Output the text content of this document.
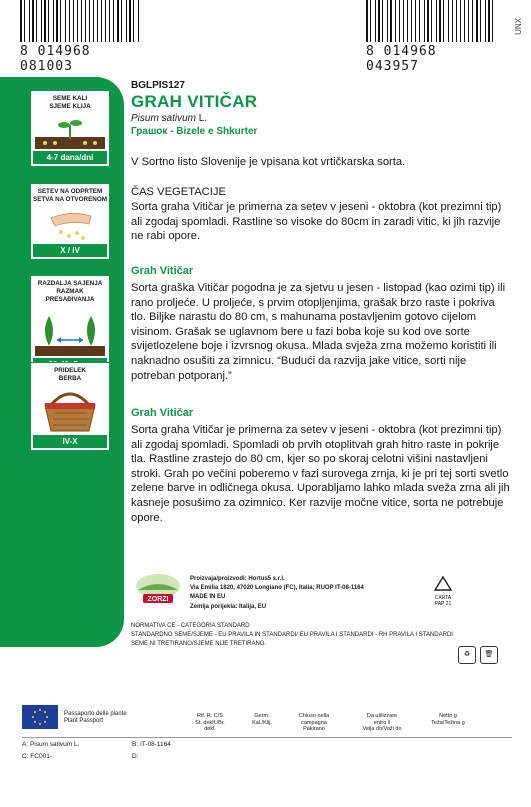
8 014968 081003
8 014968 043957
UNX
SEME KALI
SJEME KLIJA
4-7 dana/dni
SETEV NA ODPRTEM
SETVA NA OTVORENOM
X / IV
RAZDALJA SAJENJA
RAZMAK PRESAĐIVANJA
PRIDELEK
BERBA
IV-X
BGLPIS127
GRAH VITIČAR
Pisum sativum L.
Грашок - Bizele e Shkurter
V Sortno listo Slovenije je vpisana kot vrtičkarska sorta.
ČAS VEGETACIJE
Sorta graha Vitičar je primerna za setev v jeseni - oktobra (kot prezimni tip) ali zgodaj spomladi. Rastline so visoke do 80cm in zaradi vitic, ki jih razvije ne rabi opore.
Grah Vitičar
Sorta graška Vitičar pogodna je za sjetvu u jesen - listopad (kao ozimi tip) ili rano proljeće. U proljeće, s prvim otopljenjima, grašak brzo raste i pokriva tlo. Biljke narastu do 80 cm, s mahunama postavljenim gotovo cijelom visinom. Grašak se uglavnom bere u fazi boba koje su kod ove sorte svijetlozelene boje i izvrsnog okusa. Mlada svježa zrna možemo koristiti ili naknadno osušiti za zimnicu. “Budući da razvija jake vitice, sorti nije potreban potporanj.”
Grah Vitičar
Sorta graha Vitičar je primerna za setev v jeseni - oktobra (kot prezimni tip) ali zgodaj spomladi. Spomladi ob prvih otoplitvah grah hitro raste in pokrije tla. Rastline zrastejo do 80 cm, kjer so po skoraj celotni višini nastavljeni stroki. Grah po večini poberemo v fazi surovega zrnja, ki je pri tej sorti svetlo zelene barve in odličnega okusa. Uporabljamo lahko mlada sveža zrna ali jih kasneje posušimo za ozimnico. Ker razvije močne vitice, sorta ne potrebuje opore.
ZORZI
Proizvaja/proizvodi: Hortus5 s.r.l.
Via Emilia 1820, 47020 Longiano (FC), Italia; RUOP IT-08-1164
MADE IN EU
Zemlja porijekla: Italija, EU
CARTA
PAP 21
NORMATIVA CE - CATEGORIA STANDARD
STANDARDNO SEME/SJEME - EU PRAVILA IN STANDARDI/ EU PRAVILA I STANDARDI - RH PRAVILA I STANDARDI
SEME NI TRETIRANO/SJEME NIJE TRETIRANO.
♻	🗑
Passaporto delle piante
Plant Passport
Rif. R. C/S
St. deklf./Br. dekl.
Germ.
Kal./Klij.
Chiuso nella campagna
Pakirano
Da utilizzare entro il
Velja do/Važi do
Netto g
Teža/Težina g
A: Pisum sativum L.	B: IT-08-1164
C: FC001-	D:
